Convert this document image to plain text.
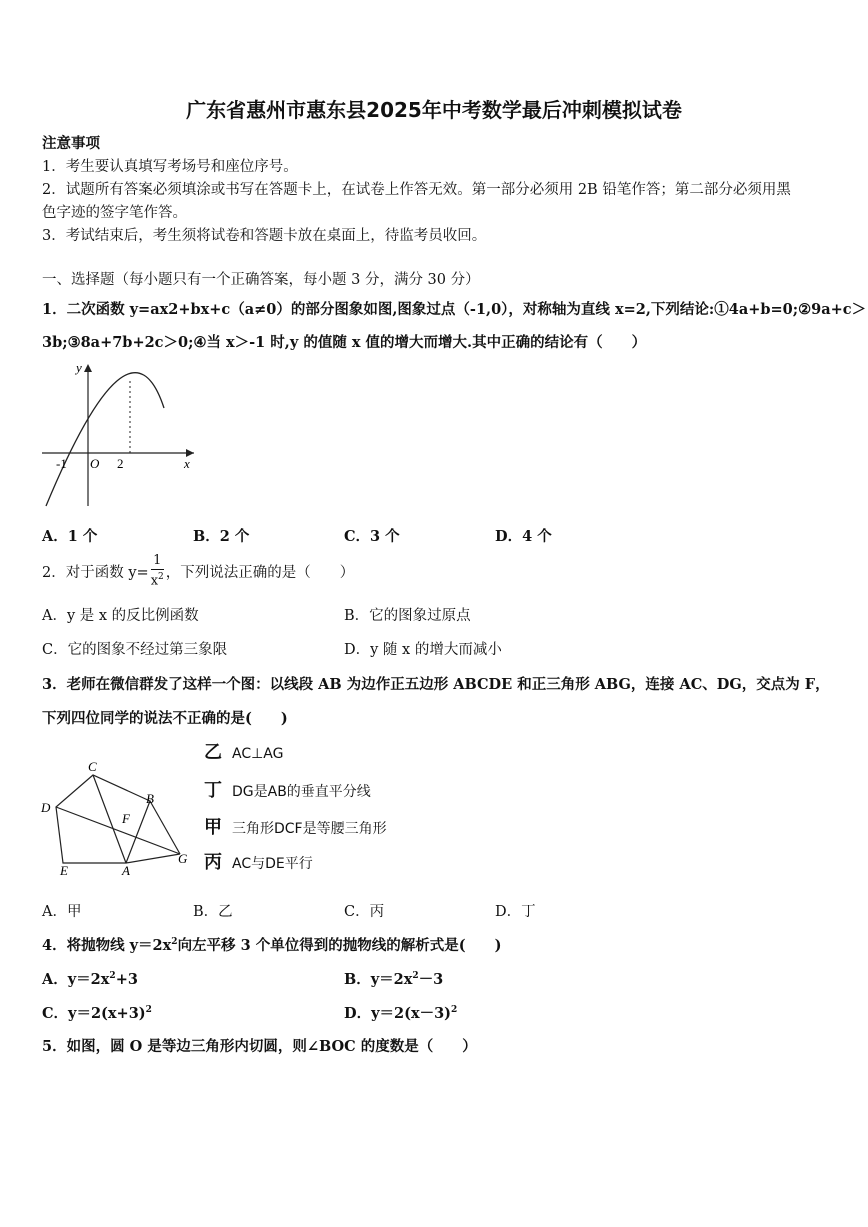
广东省惠州市惠东县2025年中考数学最后冲刺模拟试卷
注意事项
1．考生要认真填写考场号和座位序号。
2．试题所有答案必须填涂或书写在答题卡上，在试卷上作答无效。第一部分必须用 2B 铅笔作答；第二部分必须用黑
色字迹的签字笔作答。
3．考试结束后，考生须将试卷和答题卡放在桌面上，待监考员收回。
一、选择题（每小题只有一个正确答案，每小题 3 分，满分 30 分）
1．二次函数 y=ax2+bx+c（a≠0）的部分图象如图,图象过点（-1,0），对称轴为直线 x=2,下列结论:①4a+b=0;②9a+c＞
3b;③8a+7b+2c＞0;④当 x＞-1 时,y 的值随 x 值的增大而增大.其中正确的结论有（　　）
y
x
O
-1	2
A．1 个	B．2 个	C．3 个	D．4 个
2．对于函数 $y= \frac{1}{x^2}$ ，下列说法正确的是（　　）
A．y 是 x 的反比例函数	B．它的图象过原点
C．它的图象不经过第三象限	D．y 随 x 的增大而减小
3．老师在微信群发了这样一个图：以线段 AB 为边作正五边形 ABCDE 和正三角形 ABG，连接 AC、DG，交点为 F，
下列四位同学的说法不正确的是(　　)
C
B
D
F
G
E	A
乙 AC⊥AG
丁 DG是AB的垂直平分线
甲 三角形DCF是等腰三角形
丙 AC与DE平行
A．甲	B．乙	C．丙	D．丁
4．将抛物线 $y=2x^2$向左平移 3 个单位得到的抛物线的解析式是(　　)
A．$y=2x^2+3$	B．$y=2x^2-3$
C．$y=2(x+3)^2$	D．$y=2(x-3)^2$
5．如图，圆 O 是等边三角形内切圆，则∠BOC 的度数是（　　）
